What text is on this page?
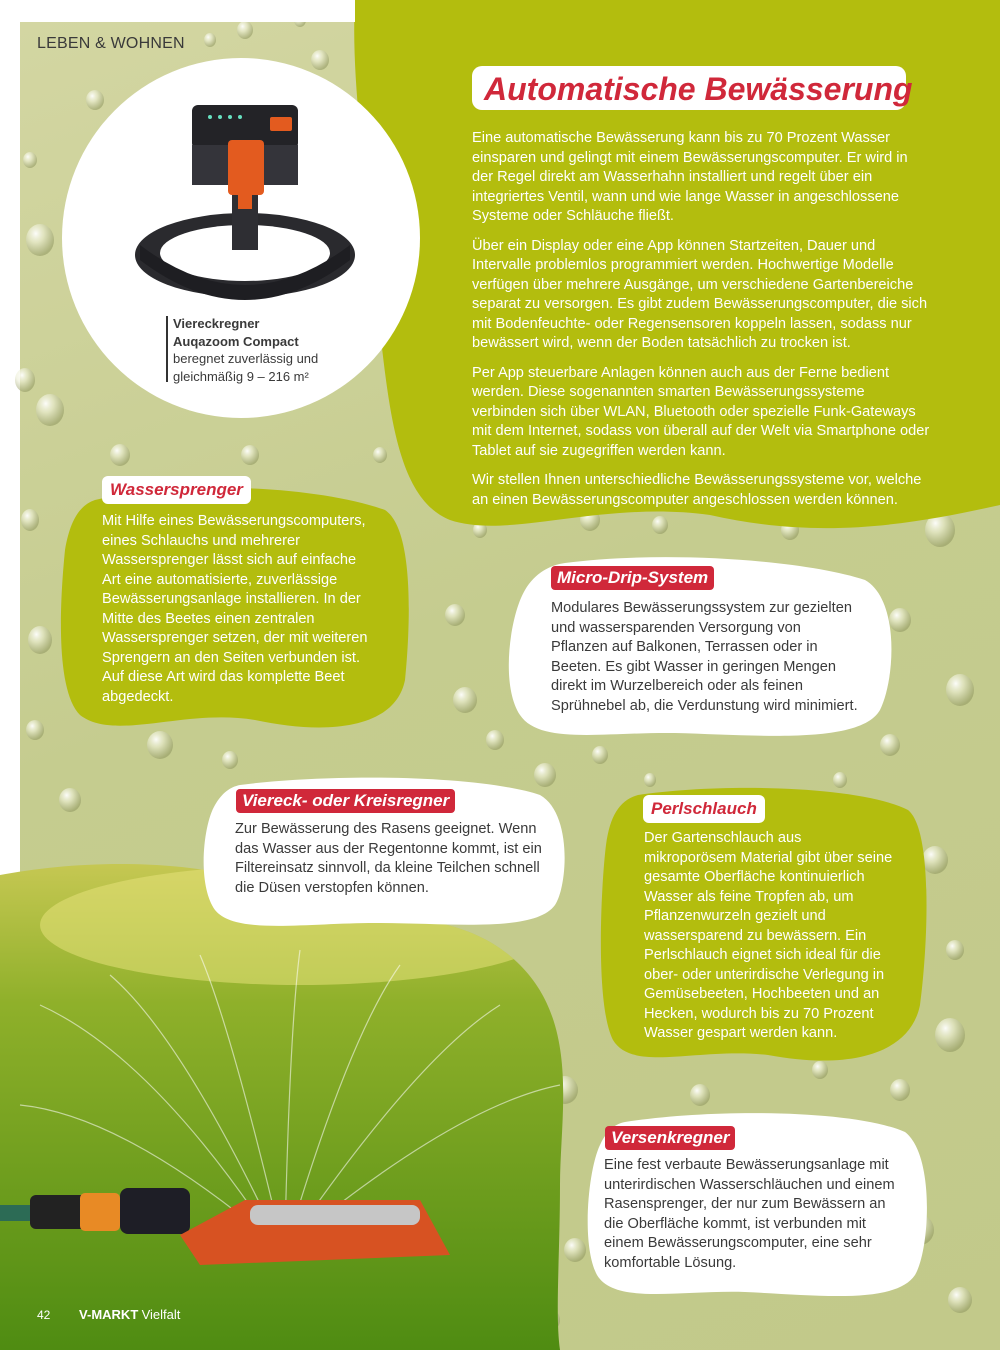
Viereckregner
Auqazoom Compact
beregnet zuverlässig und
gleichmäßig 9 – 216 m²
LEBEN & WOHNEN
Automatische Bewässerung

Eine automatische Bewässerung kann bis zu 70 Prozent Wasser einsparen und gelingt mit einem Bewässerungscomputer. Er wird in der Regel direkt am Wasserhahn installiert und regelt über ein integriertes Ventil, wann und wie lange Wasser in angeschlossene Systeme oder Schläuche fließt.

Über ein Display oder eine App können Startzeiten, Dauer und Intervalle problemlos programmiert werden. Hochwertige Modelle verfügen über mehrere Ausgänge, um verschiedene Gartenbereiche separat zu versorgen. Es gibt zudem Bewässerungscomputer, die sich mit Bodenfeuchte- oder Regensensoren koppeln lassen, sodass nur bewässert wird, wenn der Boden tatsächlich zu trocken ist.

Per App steuerbare Anlagen können auch aus der Ferne bedient werden. Diese sogenannten smarten Bewässerungssysteme verbinden sich über WLAN, Bluetooth oder spezielle Funk-Gateways mit dem Internet, sodass von überall auf der Welt via Smartphone oder Tablet auf sie zugegriffen werden kann.

Wir stellen Ihnen unterschiedliche Bewässerungssysteme vor, welche an einen Bewässerungscomputer angeschlossen werden können.

Wassersprenger
Mit Hilfe eines Bewässerungscomputers, eines Schlauchs und mehrerer Wassersprenger lässt sich auf einfache Art eine automatisierte, zuverlässige Bewässerungsanlage installieren. In der Mitte des Beetes einen zentralen Wassersprenger setzen, der mit weiteren Sprengern an den Seiten verbunden ist. Auf diese Art wird das komplette Beet abgedeckt.
Micro-Drip-System
Modulares Bewässerungssystem zur gezielten und wassersparenden Versorgung von Pflanzen auf Balkonen, Terrassen oder in Beeten. Es gibt Wasser in geringen Mengen direkt im Wurzelbereich oder als feinen Sprühnebel ab, die Verdunstung wird minimiert.
Viereck- oder Kreisregner
Zur Bewässerung des Rasens geeignet. Wenn das Wasser aus der Regentonne kommt, ist ein Filtereinsatz sinnvoll, da kleine Teilchen schnell die Düsen verstopfen können.
Perlschlauch
Der Gartenschlauch aus mikroporösem Material gibt über seine gesamte Oberfläche kontinuierlich Wasser als feine Tropfen ab, um Pflanzenwurzeln gezielt und wassersparend zu bewässern. Ein Perlschlauch eignet sich ideal für die ober- oder unterirdische Verlegung in Gemüsebeeten, Hochbeeten und an Hecken, wodurch bis zu 70 Prozent Wasser gespart werden kann.
Versenkregner
Eine fest verbaute Bewässerungsanlage mit unterirdischen Wasserschläuchen und einem Rasensprenger, der nur zum Bewässern an die Oberfläche kommt, ist verbunden mit einem Bewässerungscomputer, eine sehr komfortable Lösung.
42 V-MARKT Vielfalt
